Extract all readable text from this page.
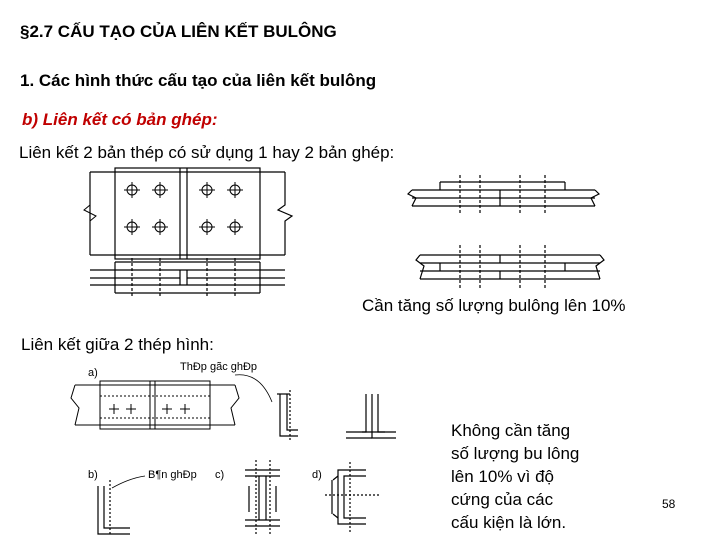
§2.7 CẤU TẠO CỦA LIÊN KẾT BULÔNG
1. Các hình thức cấu tạo của liên kết bulông
b) Liên kết có bản ghép:
Liên kết 2 bản thép có sử dụng 1 hay 2 bản ghép:
Cần tăng số lượng bulông lên 10%
Liên kết giữa 2 thép hình:
Không cần tăng
số lượng bu lông
lên 10% vì độ
cứng của các
cấu kiện là lớn.
58
a)	ThĐp gãc ghĐp
b)	B¶n ghĐp c)	d)
